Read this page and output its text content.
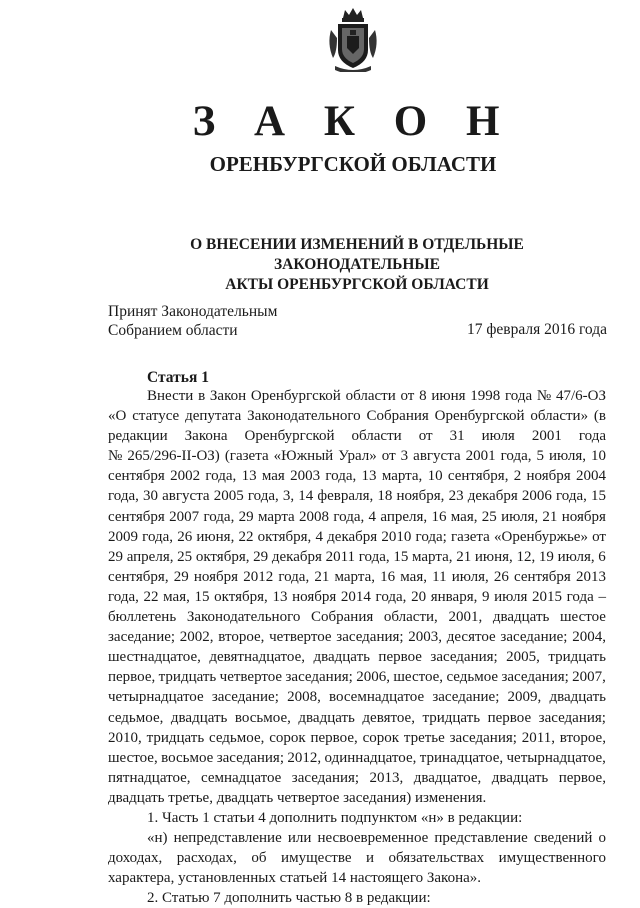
З А К О Н
ОРЕНБУРГСКОЙ ОБЛАСТИ
О ВНЕСЕНИИ ИЗМЕНЕНИЙ В ОТДЕЛЬНЫЕ ЗАКОНОДАТЕЛЬНЫЕ
АКТЫ ОРЕНБУРГСКОЙ ОБЛАСТИ
Принят Законодательным
Собранием области	17 февраля 2016 года
Статья 1
Внести в Закон Оренбургской области от 8 июня 1998 года № 47/6-ОЗ
«О статусе депутата Законодательного Собрания Оренбургской области» (в
редакции Закона Оренбургской области от 31 июля 2001 года
№ 265/296-II-ОЗ) (газета «Южный Урал» от 3 августа 2001 года, 5 июля, 10
сентября 2002 года, 13 мая 2003 года, 13 марта, 10 сентября, 2 ноября 2004
года, 30 августа 2005 года, 3, 14 февраля, 18 ноября, 23 декабря 2006 года, 15
сентября 2007 года, 29 марта 2008 года, 4 апреля, 16 мая, 25 июля, 21 ноября
2009 года, 26 июня, 22 октября, 4 декабря 2010 года; газета «Оренбуржье» от
29 апреля, 25 октября, 29 декабря 2011 года, 15 марта, 21 июня, 12, 19 июля, 6
сентября, 29 ноября 2012 года, 21 марта, 16 мая, 11 июля, 26 сентября 2013
года, 22 мая, 15 октября, 13 ноября 2014 года, 20 января, 9 июля 2015 года –
бюллетень Законодательного Собрания области, 2001, двадцать шестое
заседание; 2002, второе, четвертое заседания; 2003, десятое заседание; 2004,
шестнадцатое, девятнадцатое, двадцать первое заседания; 2005, тридцать
первое, тридцать четвертое заседания; 2006, шестое, седьмое заседания; 2007,
четырнадцатое заседание; 2008, восемнадцатое заседание; 2009, двадцать
седьмое, двадцать восьмое, двадцать девятое, тридцать первое заседания;
2010, тридцать седьмое, сорок первое, сорок третье заседания; 2011, второе,
шестое, восьмое заседания; 2012, одиннадцатое, тринадцатое, четырнадцатое,
пятнадцатое, семнадцатое заседания; 2013, двадцатое, двадцать первое,
двадцать третье, двадцать четвертое заседания) изменения.
1. Часть 1 статьи 4 дополнить подпунктом «н» в редакции:
«н) непредставление или несвоевременное представление сведений о
доходах, расходах, об имуществе и обязательствах имущественного
характера, установленных статьей 14 настоящего Закона».
2. Статью 7 дополнить частью 8 в редакции:
